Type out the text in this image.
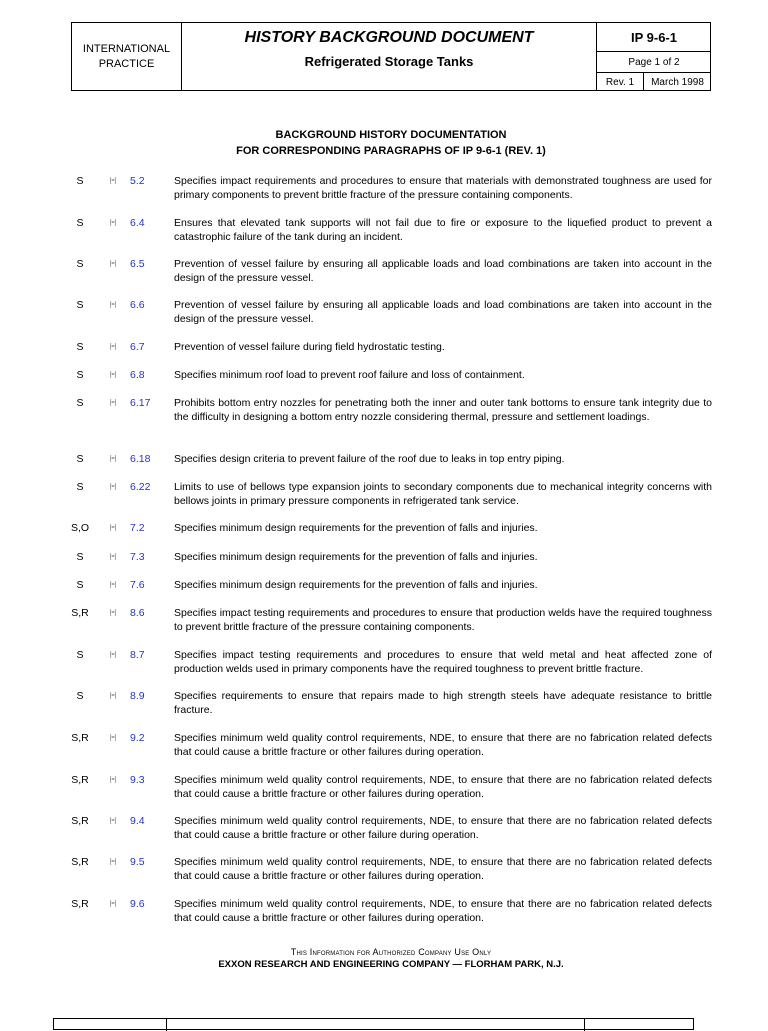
INTERNATIONAL
PRACTICE
HISTORY BACKGROUND DOCUMENT
Refrigerated Storage Tanks
IP 9-6-1
Page 1 of 2
Rev. 1	March 1998
BACKGROUND HISTORY DOCUMENTATION
FOR CORRESPONDING PARAGRAPHS OF IP 9-6-1 (REV. 1)
S	[=]	5.2	Specifies impact requirements and procedures to ensure that materials with demonstrated toughness are used for primary components to prevent brittle fracture of the pressure containing components.
S	[=]	6.4	Ensures that elevated tank supports will not fail due to fire or exposure to the liquefied product to prevent a catastrophic failure of the tank during an incident.
S	[=]	6.5	Prevention of vessel failure by ensuring all applicable loads and load combinations are taken into account in the design of the pressure vessel.
S	[=]	6.6	Prevention of vessel failure by ensuring all applicable loads and load combinations are taken into account in the design of the pressure vessel.
S	[=]	6.7	Prevention of vessel failure during field hydrostatic testing.
S	[=]	6.8	Specifies minimum roof load to prevent roof failure and loss of containment.
S	[=]	6.17 Prohibits bottom entry nozzles for penetrating both the inner and outer tank bottoms to ensure tank integrity due to the difficulty in designing a bottom entry nozzle considering thermal, pressure and settlement loadings.
S	[=]	6.18 Specifies design criteria to prevent failure of the roof due to leaks in top entry piping.
S	[=]	6.22 Limits to use of bellows type expansion joints to secondary components due to mechanical integrity concerns with bellows joints in primary pressure components in refrigerated tank service.
S,O	[=]	7.2	Specifies minimum design requirements for the prevention of falls and injuries.
S	[=]	7.3	Specifies minimum design requirements for the prevention of falls and injuries.
S	[=]	7.6	Specifies minimum design requirements for the prevention of falls and injuries.
S,R	[=]	8.6	Specifies impact testing requirements and procedures to ensure that production welds have the required toughness to prevent brittle fracture of the pressure containing components.
S	[=]	8.7	Specifies impact testing requirements and procedures to ensure that weld metal and heat affected zone of production welds used in primary components have the required toughness to prevent brittle fracture.
S	[=]	8.9	Specifies requirements to ensure that repairs made to high strength steels have adequate resistance to brittle fracture.
S,R	[=]	9.2	Specifies minimum weld quality control requirements, NDE, to ensure that there are no fabrication related defects that could cause a brittle fracture or other failures during operation.
S,R	[=]	9.3	Specifies minimum weld quality control requirements, NDE, to ensure that there are no fabrication related defects that could cause a brittle fracture or other failures during operation.
S,R	[=]	9.4	Specifies minimum weld quality control requirements, NDE, to ensure that there are no fabrication related defects that could cause a brittle fracture or other failure during operation.
S,R	[=]	9.5	Specifies minimum weld quality control requirements, NDE, to ensure that there are no fabrication related defects that could cause a brittle fracture or other failures during operation.
S,R	[=]	9.6	Specifies minimum weld quality control requirements, NDE, to ensure that there are no fabrication related defects that could cause a brittle fracture or other failures during operation.
This Information for Authorized Company Use Only
EXXON RESEARCH AND ENGINEERING COMPANY — FLORHAM PARK, N.J.
